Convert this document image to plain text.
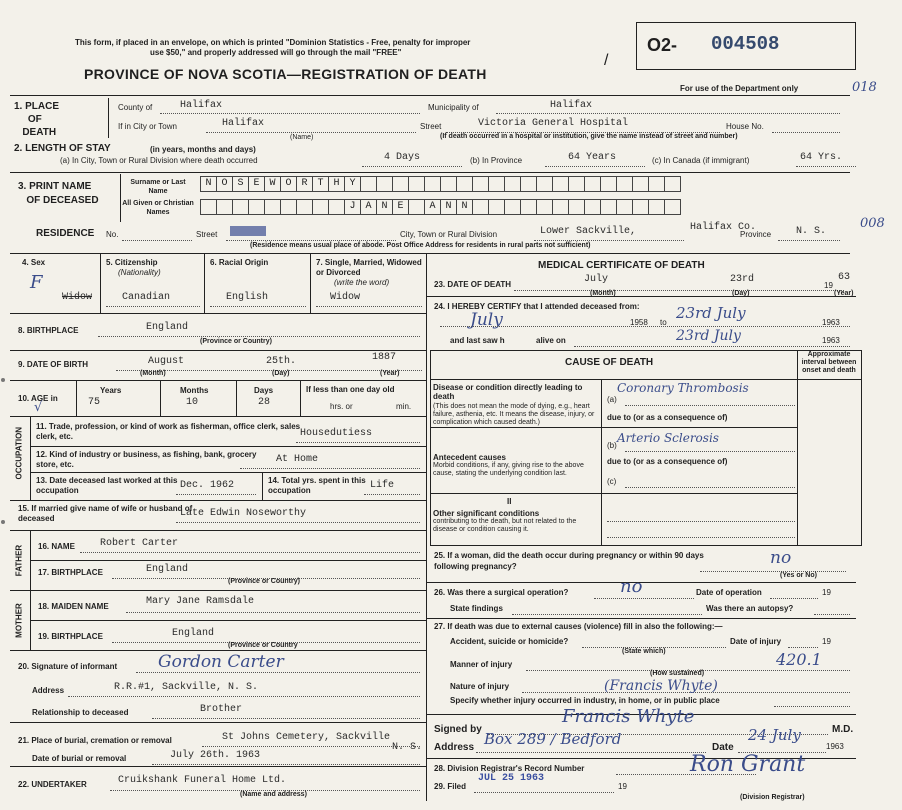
This form, if placed in an envelope, on which is printed "Dominion Statistics - Free, penalty for improper
use $50," and properly addressed will go through the mail "FREE"
PROVINCE OF NOVA SCOTIA—REGISTRATION OF DEATH
O2- 004508
/
For use of the Department only	018
008
1. PLACE
OF
DEATH
County of	Halifax	Municipality of	Halifax
If in City or Town	Halifax
(Name)
Street	Victoria General Hospital	House No.
(If death occurred in a hospital or institution, give the name instead of street and number)
2. LENGTH OF STAY	(in years, months and days)
(a) In City, Town or Rural Division where death occurred	4 Days	(b) In Province	64 Years	(c) In Canada (if immigrant)	64 Yrs.
3. PRINT NAME
OF DECEASED
Surname or Last Name
All Given or Christian Names
N O S E W O R T H Y
J A N E	A N N
RESIDENCE No.	Street	City, Town or Rural Division	Lower Sackville,	Halifax Co.
Province N. S.
(Residence means usual place of abode. Post Office Address for residents in rural parts not sufficient)
4. Sex
F
Widow
5. Citizenship
(Nationality)
Canadian
6. Racial Origin
English
7. Single, Married, Widowed or Divorced
(write the word)
Widow
8. BIRTHPLACE	England
(Province or Country)
9. DATE OF BIRTH	August	25th.	1887
(Month)	(Day)	(Year)
10. AGE in
√
Years	Months	Days
75	10	28
If less than one day old
hrs. or	min.
OCCUPATION
11. Trade, profession, or kind of work as fisherman, office clerk, sales clerk, etc.	Housedutiess
12. Kind of industry or business, as fishing, bank, grocery store, etc.	At Home
13. Date deceased last worked at this occupation	Dec. 1962	14. Total yrs. spent in this occupation	Life
15. If married give name of wife or husband of deceased	Late Edwin Noseworthy
FATHER 16. NAME	Robert Carter
17. BIRTHPLACE	England
(Province or Country)
MOTHER 18. MAIDEN NAME	Mary Jane Ramsdale
19. BIRTHPLACE	England
(Province or Country
20. Signature of informant Gordon Carter
Address	R.R.#1, Sackville, N. S.
Relationship to deceased	Brother
21. Place of burial, cremation or removal	St Johns Cemetery, Sackville
N. S.
Date of burial or removal	July 26th. 1963
22. UNDERTAKER	Cruikshank Funeral Home Ltd.
(Name and address)
MEDICAL CERTIFICATE OF DEATH
23. DATE OF DEATH	July	23rd
19
63
(Month)	(Day)	(Year)
24. I HEREBY CERTIFY that I attended deceased from:
July	1958 to
23rd July
1963
and last saw h	alive on	23rd July	1963
CAUSE OF DEATH
Approximate interval between onset and death
Disease or condition directly leading to death
(This does not mean the mode of dying, e.g., heart failure, asthenia, etc. It means the disease, injury, or complication which caused death.)
(a)
Coronary Thrombosis
due to (or as a consequence of)
Arterio Sclerosis
(b)
Antecedent causes
Morbid conditions, if any, giving rise to the above cause, stating the underlying condition last.
due to (or as a consequence of)
(c)
II
Other significant conditions
contributing to the death, but not related to the disease or condition causing it.
25. If a woman, did the death occur during pregnancy or within 90 days following pregnancy?	no
(Yes or No)
26. Was there a surgical operation?	no	Date of operation	19
State findings	Was there an autopsy?
27. If death was due to external causes (violence) fill in also the following:—
Accident, suicide or homicide?
(State which)
Date of injury	19
Manner of injury
(How sustained)
420.1
Nature of injury
Specify whether injury occurred in industry, in home, or in public place
(Francis Whyte)
Signed by
Francis Whyte
M.D.
Address Box 289 / Bedford	Date
24 July
1963
28. Division Registrar's Record Number
29. Filed
JUL 25 1963
19
(Division Registrar)
Ron Grant
